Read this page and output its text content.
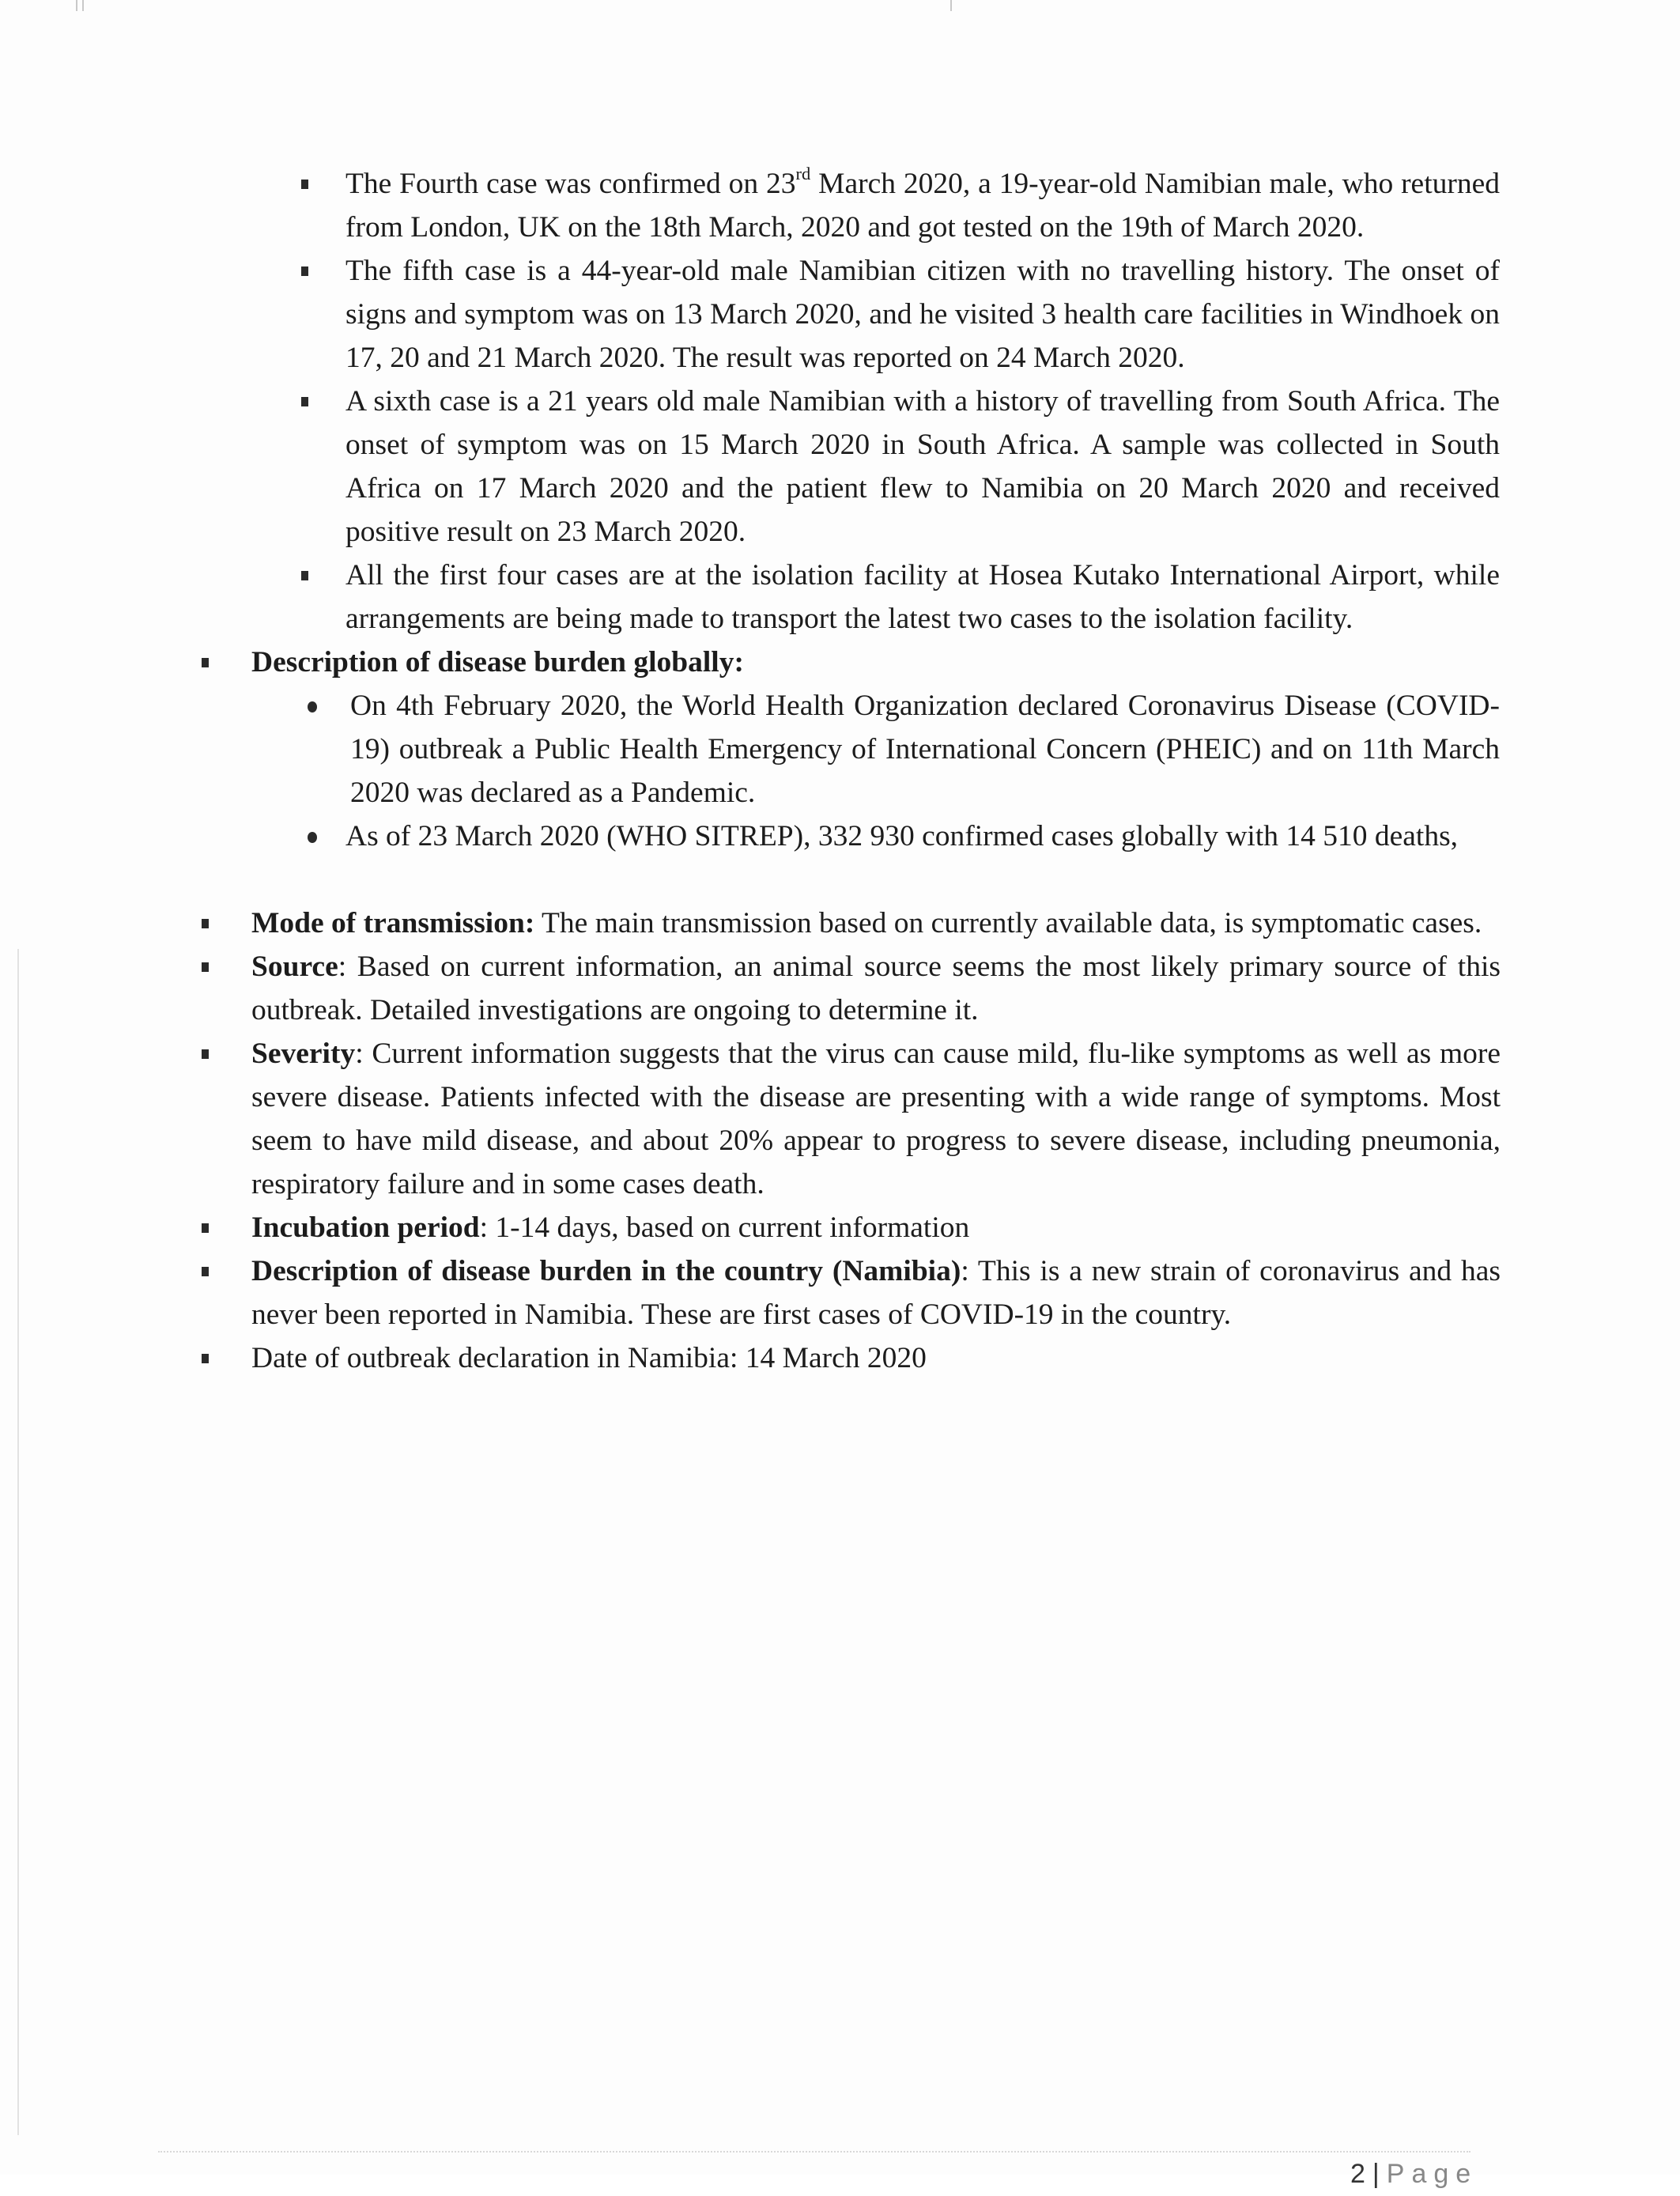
The Fourth case was confirmed on 23rd March 2020, a 19-year-old Namibian male, who returned from London, UK on the 18th March, 2020 and got tested on the 19th of March 2020.
The fifth case is a 44-year-old male Namibian citizen with no travelling history. The onset of signs and symptom was on 13 March 2020, and he visited 3 health care facilities in Windhoek on 17, 20 and 21 March 2020. The result was reported on 24 March 2020.
A sixth case is a 21 years old male Namibian with a history of travelling from South Africa. The onset of symptom was on 15 March 2020 in South Africa. A sample was collected in South Africa on 17 March 2020 and the patient flew to Namibia on 20 March 2020 and received positive result on 23 March 2020.
All the first four cases are at the isolation facility at Hosea Kutako International Airport, while arrangements are being made to transport the latest two cases to the isolation facility.
Description of disease burden globally:
On 4th February 2020, the World Health Organization declared Coronavirus Disease (COVID-19) outbreak a Public Health Emergency of International Concern (PHEIC) and on 11th March 2020 was declared as a Pandemic.
As of 23 March 2020 (WHO SITREP), 332 930 confirmed cases globally with 14 510 deaths,
Mode of transmission: The main transmission based on currently available data, is symptomatic cases.
Source: Based on current information, an animal source seems the most likely primary source of this outbreak. Detailed investigations are ongoing to determine it.
Severity: Current information suggests that the virus can cause mild, flu-like symptoms as well as more severe disease. Patients infected with the disease are presenting with a wide range of symptoms. Most seem to have mild disease, and about 20% appear to progress to severe disease, including pneumonia, respiratory failure and in some cases death.
Incubation period: 1-14 days, based on current information
Description of disease burden in the country (Namibia): This is a new strain of coronavirus and has never been reported in Namibia. These are first cases of COVID-19 in the country.
Date of outbreak declaration in Namibia: 14 March 2020
2 | Page
